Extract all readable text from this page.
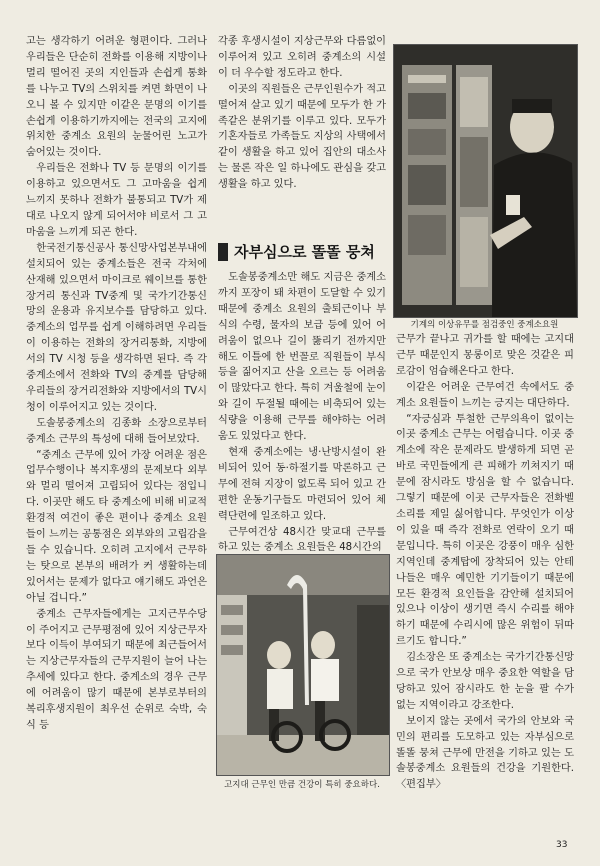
고는 생각하기 어려운 형편이다. 그러나 우리들은 단순히 전화를 이용해 지방이나 멀리 떨어진 곳의 지인들과 손쉽게 통화를 나누고 TV의 스위치를 켜면 화면이 나오니 볼 수 있지만 이같은 문명의 이기를 손쉽게 이용하기까지에는 전국의 고지에 위치한 중계소 요원의 눈물어린 노고가 숨어있는 것이다.

우리들은 전화나 TV 등 문명의 이기를 이용하고 있으면서도 그 고마움을 쉽게 느끼지 못하나 전화가 불통되고 TV가 제대로 나오지 않게 되어서야 비로서 그 고마움을 느끼게 되곤 한다.

한국전기통신공사 통신망사업본부내에 설치되어 있는 중계소들은 전국 각처에 산재해 있으면서 마이크로 웨이브를 통한 장거리 통신과 TV중계 및 국가기간통신망의 운용과 유지보수를 담당하고 있다. 중계소의 업무를 쉽게 이해하려면 우리들이 이용하는 전화의 장거리통화, 지방에서의 TV 시청 등을 생각하면 된다. 즉 각 중계소에서 전화와 TV의 중계를 담당해 우리들의 장거리전화와 지방에서의 TV시청이 이루어지고 있는 것이다.

도솔봉중계소의 김종화 소장으로부터 중계소 근무의 특성에 대해 들어보았다.

“중계소 근무에 있어 가장 어려운 점은 업무수행이나 복지후생의 문제보다 외부와 멀리 떨어져 고립되어 있다는 점입니다. 이곳만 해도 타 중계소에 비해 비교적 환경적 여건이 좋은 편이나 중계소 요원들이 느끼는 공통점은 외부와의 고립감을 들 수 있습니다. 오히려 고지에서 근무하는 탓으로 본부의 배려가 커 생활하는데 있어서는 문제가 없다고 얘기해도 과언은 아닐 겁니다.”

중계소 근무자들에게는 고지근무수당이 주어지고 근무평점에 있어 지상근무자보다 이득이 부여되기 때문에 최근들어서는 지상근무자들의 근무지원이 늘어 나는 추세에 있다고 한다. 중계소의 경우 근무에 어려움이 많기 때문에 본부로부터의 복리후생지원이 최우선 순위로 숙박, 숙식 등

각종 후생시설이 지상근무와 다름없이 이루어져 있고 오히려 중계소의 시설이 더 우수할 정도라고 한다.

이곳의 직원들은 근무인원수가 적고 떨어져 살고 있기 때문에 모두가 한 가족같은 분위기를 이루고 있다. 모두가 기혼자들로 가족들도 지상의 사택에서 같이 생활을 하고 있어 집안의 대소사는 물론 작은 일 하나에도 관심을 갖고 생활을 하고 있다.

자부심으로 똘똘 뭉쳐

도솔봉중계소만 해도 지금은 중계소까지 포장이 돼 차편이 도달할 수 있기 때문에 중계소 요원의 출퇴근이나 부식의 수령, 물자의 보급 등에 있어 어려움이 없으나 길이 뚫리기 전까지만해도 이틀에 한 번꼴로 직원들이 부식 등을 짊어지고 산을 오르는 등 어려움이 많았다고 한다. 특히 겨울철에 눈이 와 길이 두절될 때에는 비축되어 있는 식량을 이용해 근무를 해야하는 어려움도 있었다고 한다.

현재 중계소에는 냉·난방시설이 완비되어 있어 동·하절기를 막론하고 근무에 전혀 지장이 없도록 되어 있고 간편한 운동기구들도 마련되어 있어 체력단련에 일조하고 있다.

근무여건상 48시간 맞교대 근무를 하고 있는 중계소 요원들은 48시간의

기계의 이상유무를 점검중인 중계소요원

근무가 끝나고 귀가를 할 때에는 고지대 근무 때문인지 몽롱이로 맞은 것같은 피로감이 엄습해온다고 한다.

이같은 어려운 근무여건 속에서도 중계소 요원들이 느끼는 긍지는 대단하다.

“자긍심과 투철한 근무의욕이 없이는 이곳 중계소 근무는 어렵습니다. 이곳 중계소에 작은 문제라도 발생하게 되면 곧바로 국민들에게 큰 피해가 끼쳐지기 때문에 잠시라도 방심을 할 수 없습니다. 그렇기 때문에 이곳 근무자들은 전화벨 소리를 제일 싫어합니다. 무엇인가 이상이 있을 때 즉각 전화로 연락이 오기 때문입니다. 특히 이곳은 강풍이 매우 심한 지역인데 중계탑에 장착되어 있는 안테나들은 매우 예민한 기기들이기 때문에 모든 환경적 요인들을 감안해 설치되어 있으나 이상이 생기면 즉시 수리를 해야 하기 때문에 수리시에 많은 위험이 뒤따르기도 합니다.”

김소장은 또 중계소는 국가기간통신망으로 국가 안보상 매우 중요한 역할을 담당하고 있어 잠시라도 한 눈을 팔 수가 없는 지역이라고 강조한다.

보이지 않는 곳에서 국가의 안보와 국민의 편리를 도모하고 있는 자부심으로 똘똘 뭉쳐 근무에 만전을 기하고 있는 도솔봉중계소 요원들의 건강을 기원한다. 〈편집부〉

고지대 근무인 만큼 건강이 특히 중요하다.
33
